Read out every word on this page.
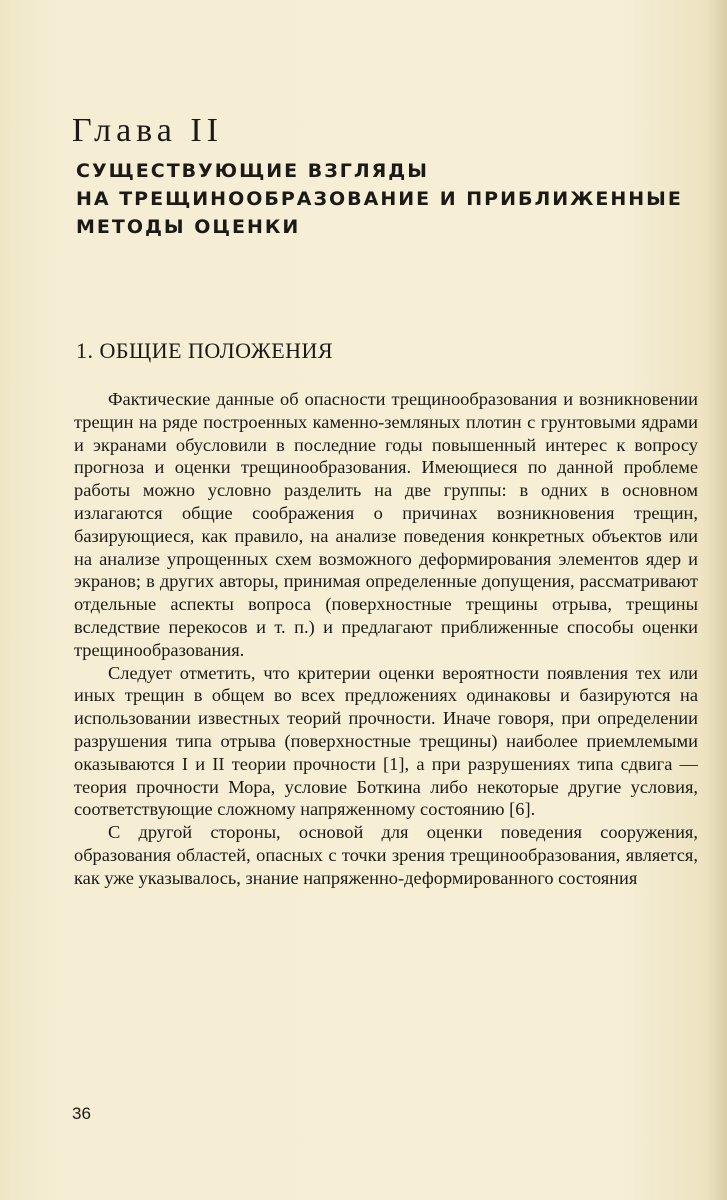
Глава II
СУЩЕСТВУЮЩИЕ ВЗГЛЯДЫ
НА ТРЕЩИНООБРАЗОВАНИЕ И ПРИБЛИЖЕННЫЕ
МЕТОДЫ ОЦЕНКИ
1. ОБЩИЕ ПОЛОЖЕНИЯ

Фактические данные об опасности трещинообразования и возникновении трещин на ряде построенных каменно-земляных плотин с грунтовыми ядрами и экранами обусловили в последние годы повышенный интерес к вопросу прогноза и оценки трещинообразования. Имеющиеся по данной проблеме работы можно условно разделить на две группы: в одних в основном излагаются общие соображения о причинах возникновения трещин, базирующиеся, как правило, на анализе поведения конкретных объектов или на анализе упрощенных схем возможного деформирования элементов ядер и экранов; в других авторы, принимая определенные допущения, рассматривают отдельные аспекты вопроса (поверхностные трещины отрыва, трещины вследствие перекосов и т. п.) и предлагают приближенные способы оценки трещинообразования.

Следует отметить, что критерии оценки вероятности появления тех или иных трещин в общем во всех предложениях одинаковы и базируются на использовании известных теорий прочности. Иначе говоря, при определении разрушения типа отрыва (поверхностные трещины) наиболее приемлемыми оказываются I и II теории прочности [1], а при разрушениях типа сдвига — теория прочности Мора, условие Боткина либо некоторые другие условия, соответствующие сложному напряженному состоянию [6].

С другой стороны, основой для оценки поведения сооружения, образования областей, опасных с точки зрения трещинообразования, является, как уже указывалось, знание напряженно-деформированного состояния

36
